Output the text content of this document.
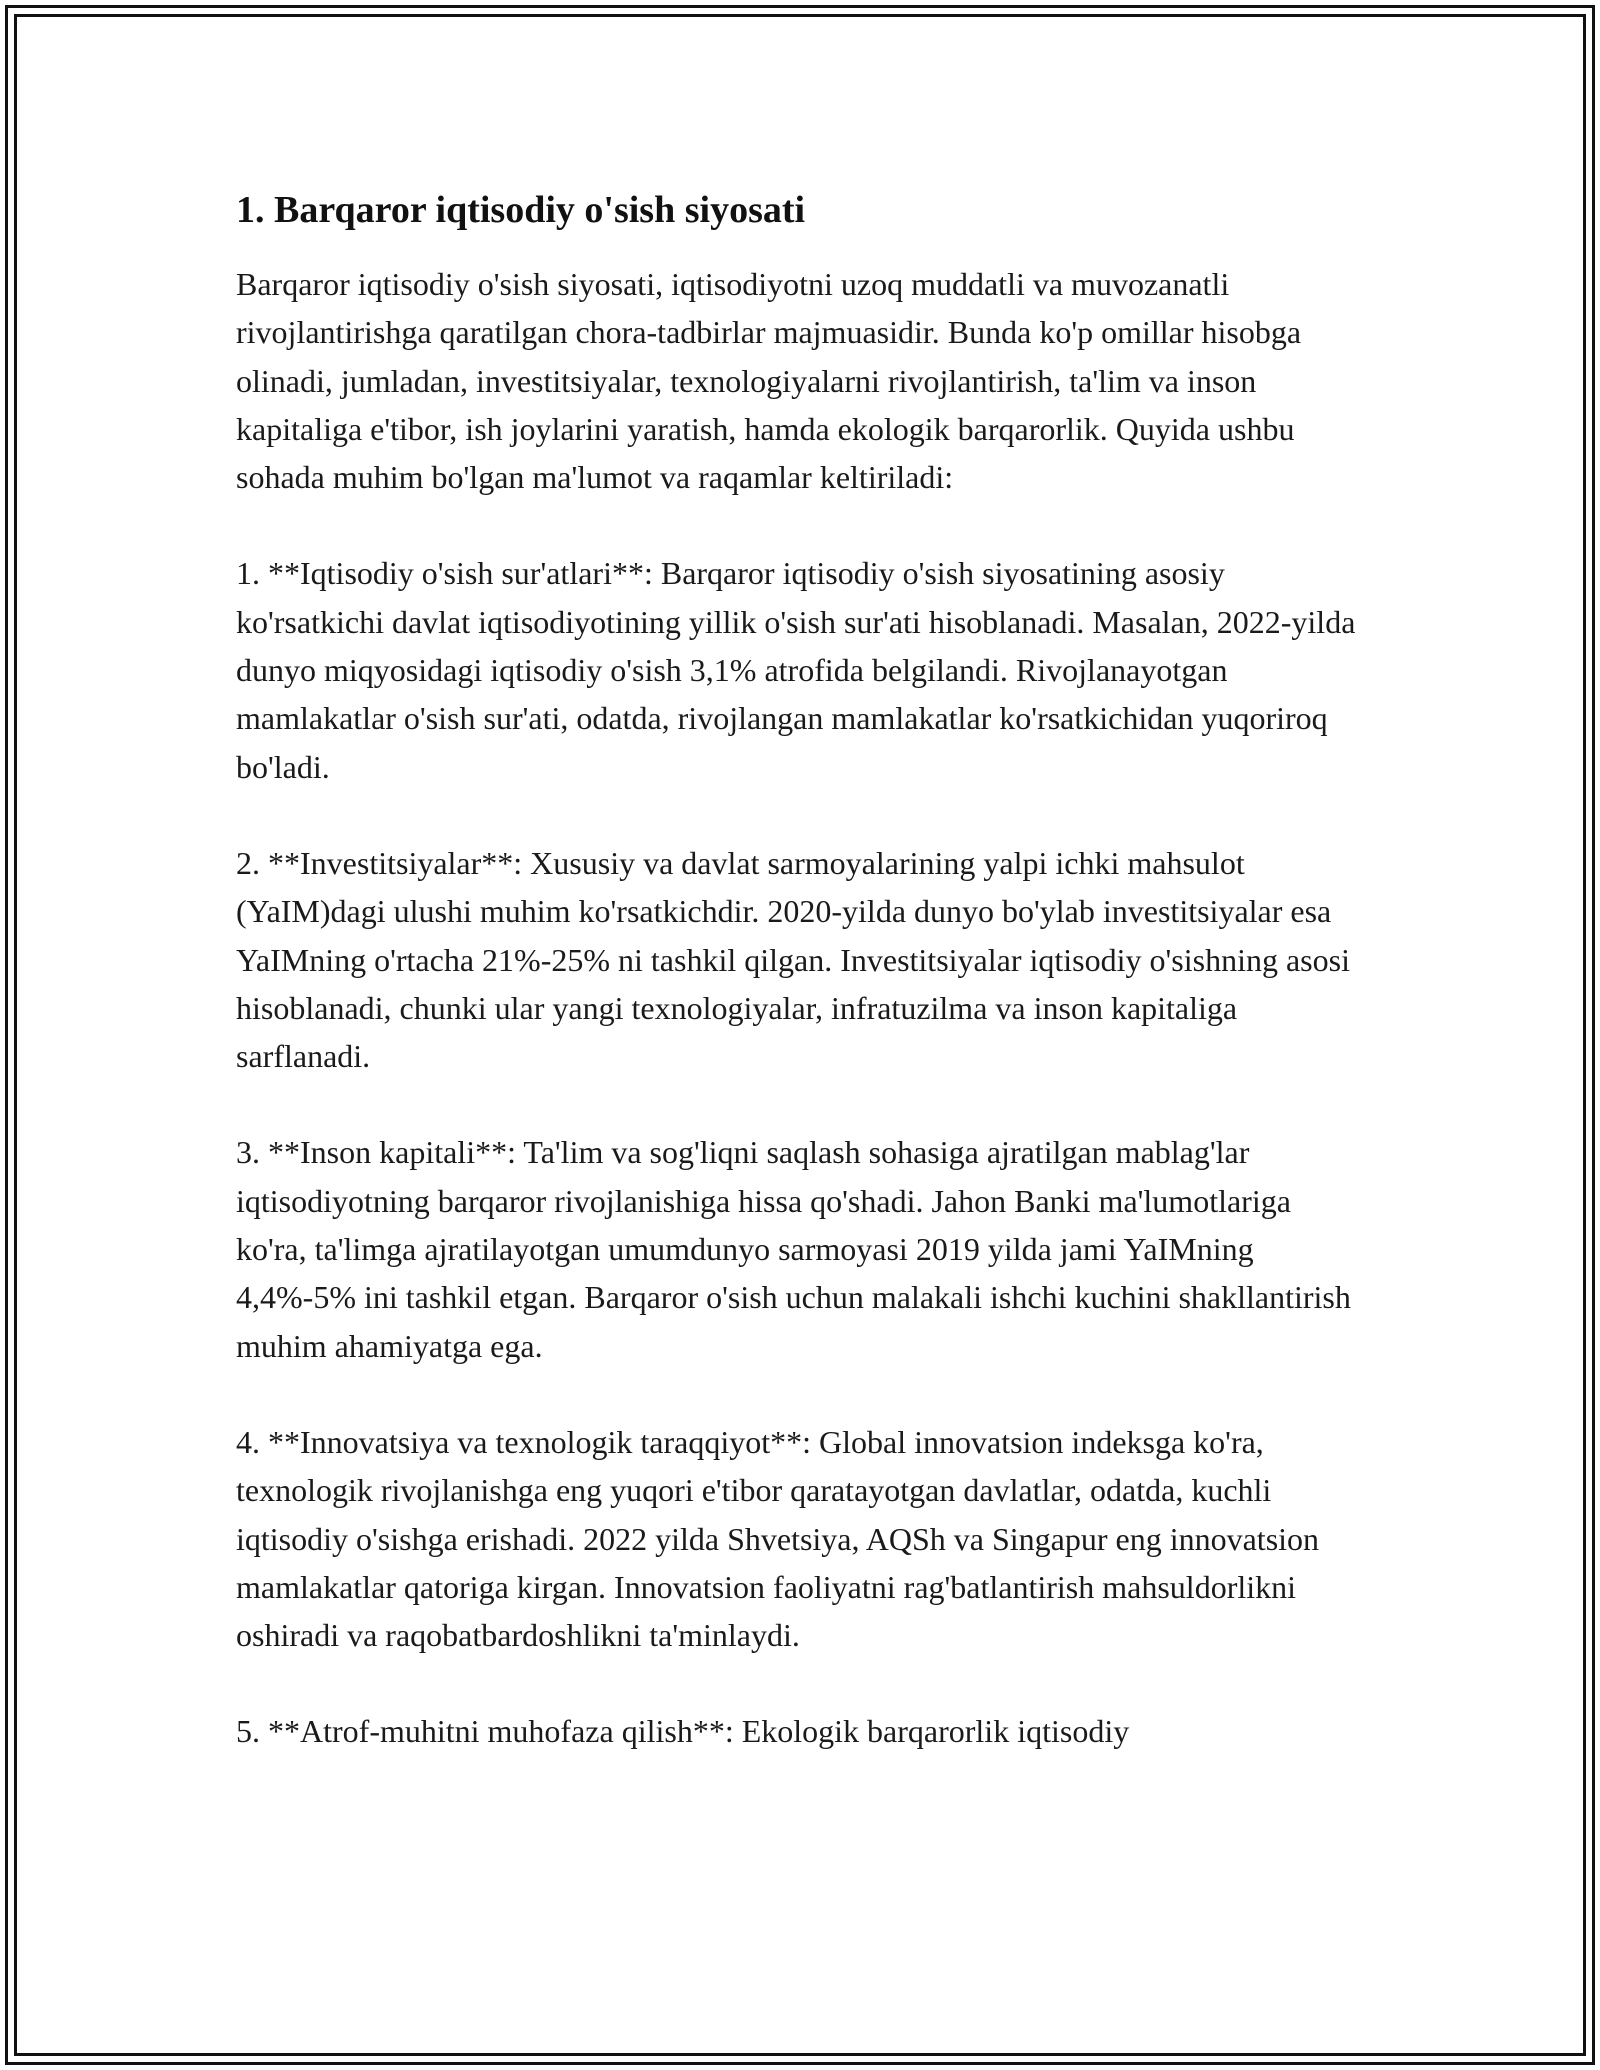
1. Barqaror iqtisodiy o'sish siyosati

Barqaror iqtisodiy o'sish siyosati, iqtisodiyotni uzoq muddatli va muvozanatli rivojlantirishga qaratilgan chora-tadbirlar majmuasidir. Bunda ko'p omillar hisobga olinadi, jumladan, investitsiyalar, texnologiyalarni rivojlantirish, ta'lim va inson kapitaliga e'tibor, ish joylarini yaratish, hamda ekologik barqarorlik. Quyida ushbu sohada muhim bo'lgan ma'lumot va raqamlar keltiriladi:

1. **Iqtisodiy o'sish sur'atlari**: Barqaror iqtisodiy o'sish siyosatining asosiy ko'rsatkichi davlat iqtisodiyotining yillik o'sish sur'ati hisoblanadi. Masalan, 2022-yilda dunyo miqyosidagi iqtisodiy o'sish 3,1% atrofida belgilandi. Rivojlanayotgan mamlakatlar o'sish sur'ati, odatda, rivojlangan mamlakatlar ko'rsatkichidan yuqoriroq bo'ladi.

2. **Investitsiyalar**: Xususiy va davlat sarmoyalarining yalpi ichki mahsulot (YaIM)dagi ulushi muhim ko'rsatkichdir. 2020-yilda dunyo bo'ylab investitsiyalar esa YaIMning o'rtacha 21%-25% ni tashkil qilgan. Investitsiyalar iqtisodiy o'sishning asosi hisoblanadi, chunki ular yangi texnologiyalar, infratuzilma va inson kapitaliga sarflanadi.

3. **Inson kapitali**: Ta'lim va sog'liqni saqlash sohasiga ajratilgan mablag'lar iqtisodiyotning barqaror rivojlanishiga hissa qo'shadi. Jahon Banki ma'lumotlariga ko'ra, ta'limga ajratilayotgan umumdunyo sarmoyasi 2019 yilda jami YaIMning 4,4%-5% ini tashkil etgan. Barqaror o'sish uchun malakali ishchi kuchini shakllantirish muhim ahamiyatga ega.

4. **Innovatsiya va texnologik taraqqiyot**: Global innovatsion indeksga ko'ra, texnologik rivojlanishga eng yuqori e'tibor qaratayotgan davlatlar, odatda, kuchli iqtisodiy o'sishga erishadi. 2022 yilda Shvetsiya, AQSh va Singapur eng innovatsion mamlakatlar qatoriga kirgan. Innovatsion faoliyatni rag'batlantirish mahsuldorlikni oshiradi va raqobatbardoshlikni ta'minlaydi.

5. **Atrof-muhitni muhofaza qilish**: Ekologik barqarorlik iqtisodiy
